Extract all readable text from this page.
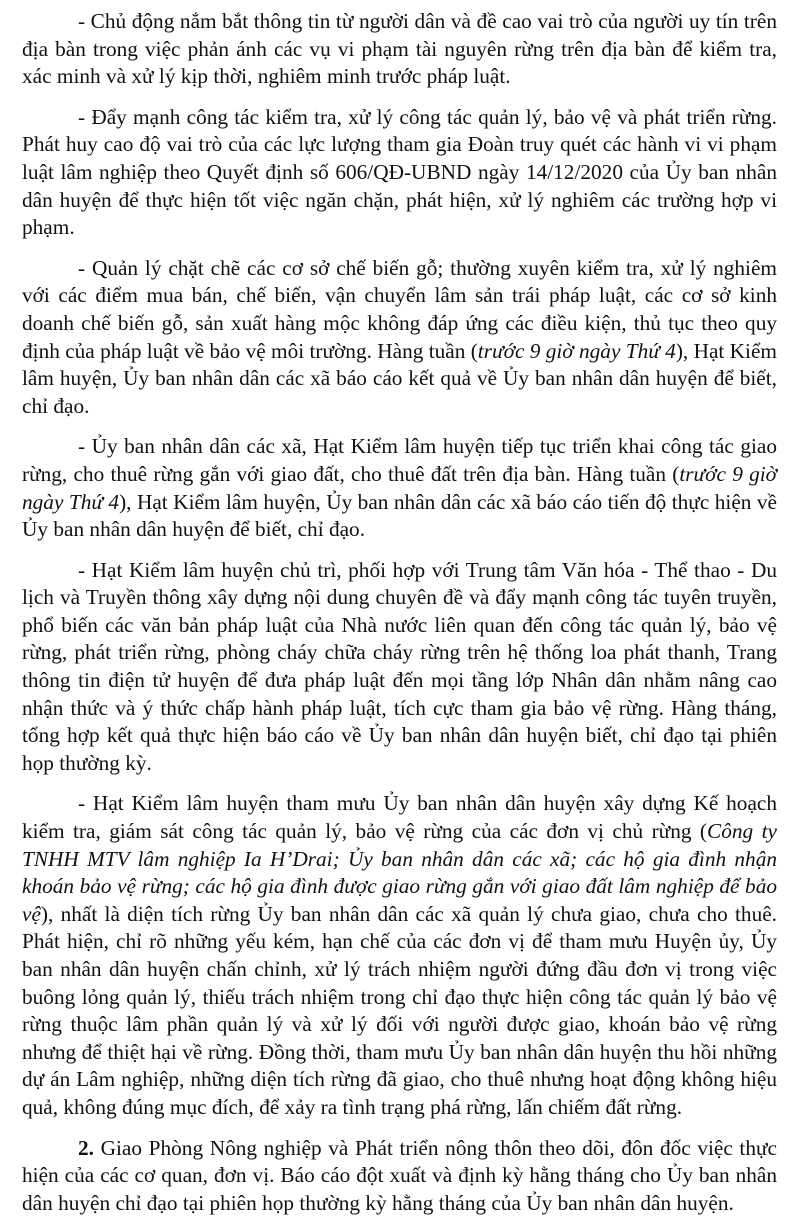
- Chủ động nắm bắt thông tin từ người dân và đề cao vai trò của người uy tín trên địa bàn trong việc phản ánh các vụ vi phạm tài nguyên rừng trên địa bàn để kiểm tra, xác minh và xử lý kịp thời, nghiêm minh trước pháp luật.

- Đẩy mạnh công tác kiểm tra, xử lý công tác quản lý, bảo vệ và phát triển rừng. Phát huy cao độ vai trò của các lực lượng tham gia Đoàn truy quét các hành vi vi phạm luật lâm nghiệp theo Quyết định số 606/QĐ-UBND ngày 14/12/2020 của Ủy ban nhân dân huyện để thực hiện tốt việc ngăn chặn, phát hiện, xử lý nghiêm các trường hợp vi phạm.

- Quản lý chặt chẽ các cơ sở chế biến gỗ; thường xuyên kiểm tra, xử lý nghiêm với các điểm mua bán, chế biến, vận chuyển lâm sản trái pháp luật, các cơ sở kinh doanh chế biến gỗ, sản xuất hàng mộc không đáp ứng các điều kiện, thủ tục theo quy định của pháp luật về bảo vệ môi trường. Hàng tuần (trước 9 giờ ngày Thứ 4), Hạt Kiểm lâm huyện, Ủy ban nhân dân các xã báo cáo kết quả về Ủy ban nhân dân huyện để biết, chỉ đạo.

- Ủy ban nhân dân các xã, Hạt Kiểm lâm huyện tiếp tục triển khai công tác giao rừng, cho thuê rừng gắn với giao đất, cho thuê đất trên địa bàn. Hàng tuần (trước 9 giờ ngày Thứ 4), Hạt Kiểm lâm huyện, Ủy ban nhân dân các xã báo cáo tiến độ thực hiện về Ủy ban nhân dân huyện để biết, chỉ đạo.

- Hạt Kiểm lâm huyện chủ trì, phối hợp với Trung tâm Văn hóa - Thể thao - Du lịch và Truyền thông xây dựng nội dung chuyên đề và đẩy mạnh công tác tuyên truyền, phổ biến các văn bản pháp luật của Nhà nước liên quan đến công tác quản lý, bảo vệ rừng, phát triển rừng, phòng cháy chữa cháy rừng trên hệ thống loa phát thanh, Trang thông tin điện tử huyện để đưa pháp luật đến mọi tầng lớp Nhân dân nhằm nâng cao nhận thức và ý thức chấp hành pháp luật, tích cực tham gia bảo vệ rừng. Hàng tháng, tổng hợp kết quả thực hiện báo cáo về Ủy ban nhân dân huyện biết, chỉ đạo tại phiên họp thường kỳ.

- Hạt Kiểm lâm huyện tham mưu Ủy ban nhân dân huyện xây dựng Kế hoạch kiểm tra, giám sát công tác quản lý, bảo vệ rừng của các đơn vị chủ rừng (Công ty TNHH MTV lâm nghiệp Ia H’Drai; Ủy ban nhân dân các xã; các hộ gia đình nhận khoán bảo vệ rừng; các hộ gia đình được giao rừng gắn với giao đất lâm nghiệp để bảo vệ), nhất là diện tích rừng Ủy ban nhân dân các xã quản lý chưa giao, chưa cho thuê. Phát hiện, chỉ rõ những yếu kém, hạn chế của các đơn vị để tham mưu Huyện ủy, Ủy ban nhân dân huyện chấn chỉnh, xử lý trách nhiệm người đứng đầu đơn vị trong việc buông lỏng quản lý, thiếu trách nhiệm trong chỉ đạo thực hiện công tác quản lý bảo vệ rừng thuộc lâm phần quản lý và xử lý đối với người được giao, khoán bảo vệ rừng nhưng để thiệt hại về rừng. Đồng thời, tham mưu Ủy ban nhân dân huyện thu hồi những dự án Lâm nghiệp, những diện tích rừng đã giao, cho thuê nhưng hoạt động không hiệu quả, không đúng mục đích, để xảy ra tình trạng phá rừng, lấn chiếm đất rừng.

2. Giao Phòng Nông nghiệp và Phát triển nông thôn theo dõi, đôn đốc việc thực hiện của các cơ quan, đơn vị. Báo cáo đột xuất và định kỳ hằng tháng cho Ủy ban nhân dân huyện chỉ đạo tại phiên họp thường kỳ hằng tháng của Ủy ban nhân dân huyện.
